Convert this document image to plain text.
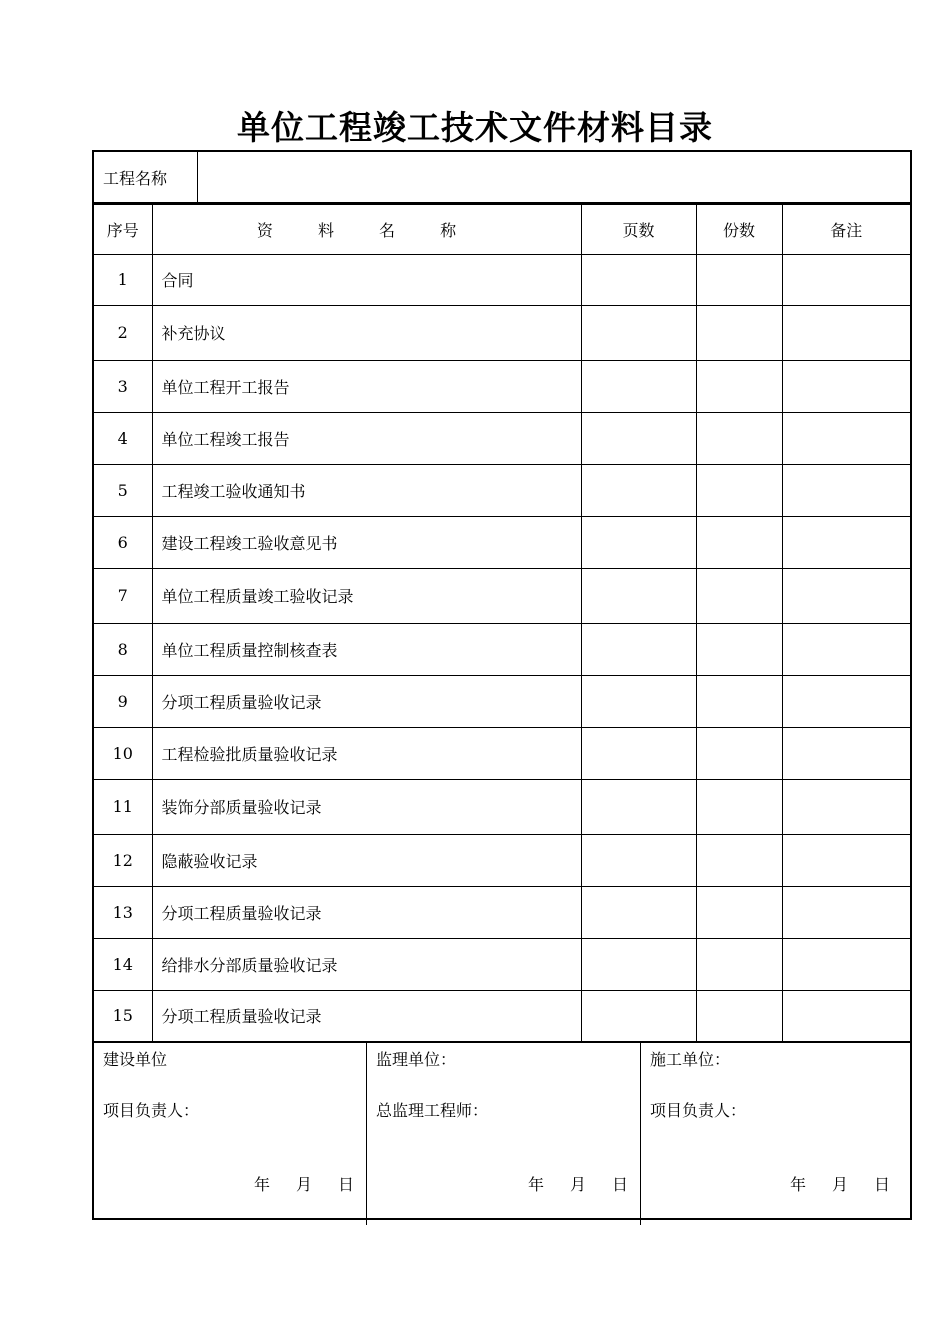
单位工程竣工技术文件材料目录
工程名称	
序号	资 料 名 称	页数	份数	备注
1	合同			
2	补充协议			
3	单位工程开工报告			
4	单位工程竣工报告			
5	工程竣工验收通知书			
6	建设工程竣工验收意见书			
7	单位工程质量竣工验收记录			
8	单位工程质量控制核查表			
9	分项工程质量验收记录			
10	工程检验批质量验收记录			
11	装饰分部质量验收记录			
12	隐蔽验收记录			
13	分项工程质量验收记录			
14	给排水分部质量验收记录			
15	分项工程质量验收记录			
建设单位
项目负责人：
年 月 日
监理单位：
总监理工程师：
年 月 日
施工单位：
项目负责人：
年 月 日
